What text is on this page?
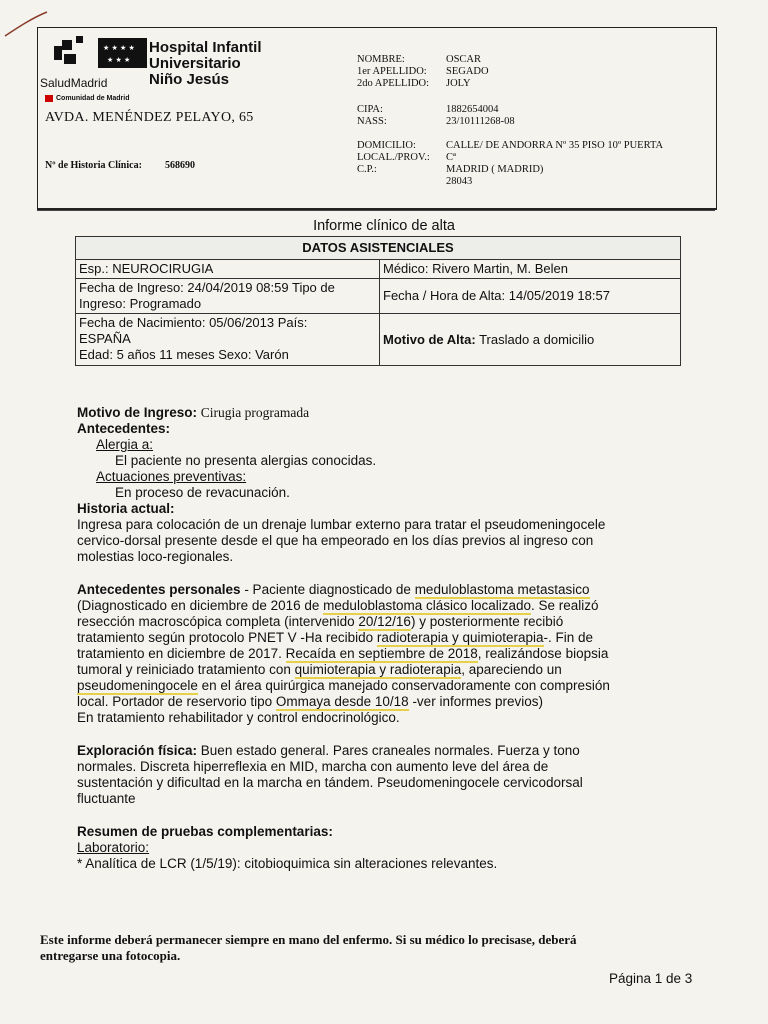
★ ★ ★ ★
★ ★ ★
SaludMadrid
Comunidad de Madrid
Hospital Infantil
Universitario
Niño Jesús
AVDA. MENÉNDEZ PELAYO, 65
Nº de Historia Clínica: 568690
NOMBRE:	OSCAR
1er APELLIDO: SEGADO
2do APELLIDO: JOLY
CIPA:	1882654004
NASS:	23/10111268-08
DOMICILIO:	CALLE/ DE ANDORRA Nº 35 PISO 10º PUERTA
LOCAL./PROV.: Cª
C.P.:	MADRID ( MADRID)
28043
Informe clínico de alta
DATOS ASISTENCIALES	
Esp.: NEUROCIRUGIA	Médico: Rivero Martin, M. Belen

Fecha de Ingreso: 24/04/2019 08:59 Tipo de
Ingreso: Programado	Fecha / Hora de Alta: 14/05/2019 18:57

Fecha de Nacimiento: 05/06/2013 País:
ESPAÑA
Edad: 5 años 11 meses Sexo: Varón	Motivo de Alta: Traslado a domicilio
Motivo de Ingreso: Cirugia programada
Antecedentes:
Alergia a:
El paciente no presenta alergias conocidas.
Actuaciones preventivas:
En proceso de revacunación.
Historia actual:
Ingresa para colocación de un drenaje lumbar externo para tratar el pseudomeningocele
cervico-dorsal presente desde el que ha empeorado en los días previos al ingreso con
molestias loco-regionales.
Antecedentes personales - Paciente diagnosticado de meduloblastoma metastasico
(Diagnosticado en diciembre de 2016 de meduloblastoma clásico localizado. Se realizó
resección macroscópica completa (intervenido 20/12/16) y posteriormente recibió
tratamiento según protocolo PNET V -Ha recibido radioterapia y quimioterapia-. Fin de
tratamiento en diciembre de 2017. Recaída en septiembre de 2018, realizándose biopsia
tumoral y reiniciado tratamiento con quimioterapia y radioterapia, apareciendo un
pseudomeningocele en el área quirúrgica manejado conservadoramente con compresión
local. Portador de reservorio tipo Ommaya desde 10/18 -ver informes previos)
En tratamiento rehabilitador y control endocrinológico.
Exploración física: Buen estado general. Pares craneales normales. Fuerza y tono
normales. Discreta hiperreflexia en MID, marcha con aumento leve del área de
sustentación y dificultad en la marcha en tándem. Pseudomeningocele cervicodorsal
fluctuante
Resumen de pruebas complementarias:
Laboratorio:
* Analítica de LCR (1/5/19): citobioquimica sin alteraciones relevantes.
Este informe deberá permanecer siempre en mano del enfermo. Si su médico lo precisase, deberá
entregarse una fotocopia.
Página 1 de 3
